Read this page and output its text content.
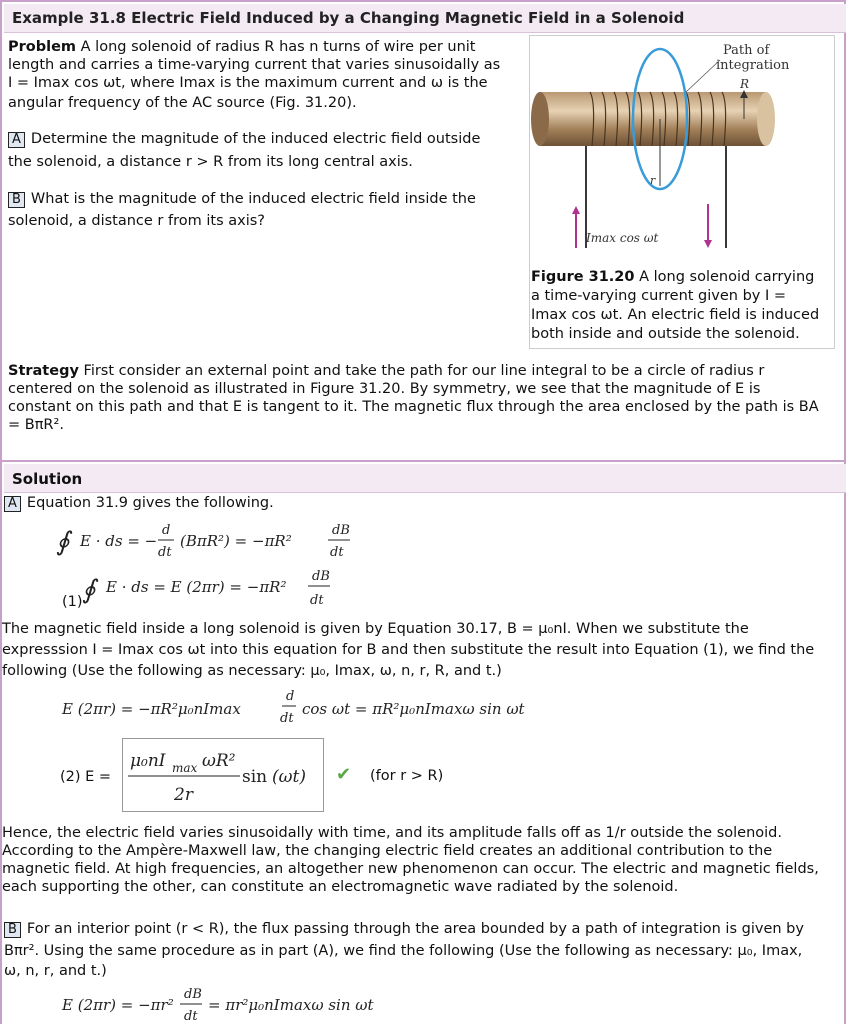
Example 31.8 Electric Field Induced by a Changing Magnetic Field in a Solenoid
Problem A long solenoid of radius R has n turns of wire per unit
length and carries a time-varying current that varies sinusoidally as
I = Imax cos ωt, where Imax is the maximum current and ω is the
angular frequency of the AC source (Fig. 31.20).
A Determine the magnitude of the induced electric field outside
the solenoid, a distance r > R from its long central axis.
B What is the magnitude of the induced electric field inside the
solenoid, a distance r from its axis?
Path of
integration
R
r
Imax cos ωt
Figure 31.20 A long solenoid carrying
a time-varying current given by I =
Imax cos ωt. An electric field is induced
both inside and outside the solenoid.
Strategy First consider an external point and take the path for our line integral to be a circle of radius r
centered on the solenoid as illustrated in Figure 31.20. By symmetry, we see that the magnitude of E is
constant on this path and that E is tangent to it. The magnetic flux through the area enclosed by the path is BA
= BπR².
Solution
A Equation 31.9 gives the following.
∮ E · ds = −
d
dt
(BπR²) = −πR²
dB
dt
∮ E · ds = E (2πr) = −πR²
dB
dt
(1)
The magnetic field inside a long solenoid is given by Equation 30.17, B = μ₀nI. When we substitute the
expresssion I = Imax cos ωt into this equation for B and then substitute the result into Equation (1), we find the
following (Use the following as necessary: μ₀, Imax, ω, n, r, R, and t.)
E (2πr) = −πR²μ₀nImax
d
dt
cos ωt = πR²μ₀nImaxω sin ωt
(2) E =
μ₀nI max ωR²
2r
sin (ωt) ✔ (for r > R)
Hence, the electric field varies sinusoidally with time, and its amplitude falls off as 1/r outside the solenoid.
According to the Ampère-Maxwell law, the changing electric field creates an additional contribution to the
magnetic field. At high frequencies, an altogether new phenomenon can occur. The electric and magnetic fields,
each supporting the other, can constitute an electromagnetic wave radiated by the solenoid.
B For an interior point (r < R), the flux passing through the area bounded by a path of integration is given by
Bπr². Using the same procedure as in part (A), we find the following (Use the following as necessary: μ₀, Imax,
ω, n, r, and t.)
E (2πr) = −πr²
dB
dt
= πr²μ₀nImaxω sin ωt
